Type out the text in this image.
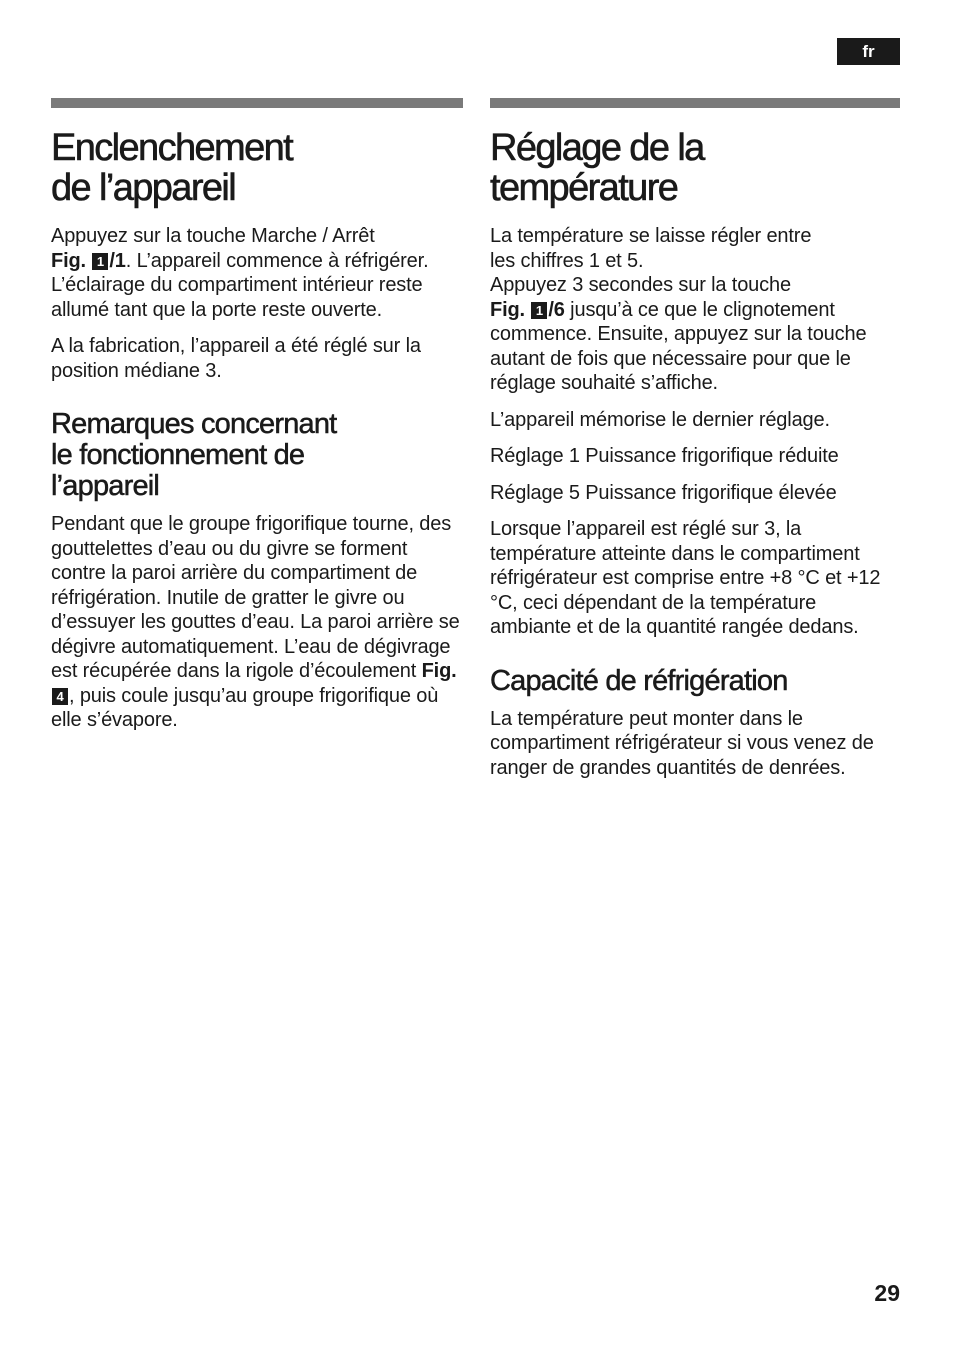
fr
Enclenchement
de l’appareil

Appuyez sur la touche Marche / Arrêt
Fig. 1 /1. L’appareil commence à réfrigérer. L’éclairage du compartiment intérieur reste allumé tant que la porte reste ouverte.

A la fabrication, l’appareil a été réglé sur la position médiane 3.

Remarques concernant
le fonctionnement de
l’appareil

Pendant que le groupe frigorifique tourne, des gouttelettes d’eau ou du givre se forment contre la paroi arrière du compartiment de réfrigération. Inutile de gratter le givre ou d’essuyer les gouttes d’eau. La paroi arrière se dégivre automatiquement. L’eau de dégivrage est récupérée dans la rigole d’écoulement Fig. 4 , puis coule jusqu’au groupe frigorifique où elle s’évapore.

Réglage de la
température

La température se laisse régler entre
les chiffres 1 et 5.
Appuyez 3 secondes sur la touche
Fig. 1 /6 jusqu’à ce que le clignotement commence. Ensuite, appuyez sur la touche autant de fois que nécessaire pour que le réglage souhaité s’affiche.

L’appareil mémorise le dernier réglage.

Réglage 1 Puissance frigorifique réduite

Réglage 5 Puissance frigorifique élevée

Lorsque l’appareil est réglé sur 3, la température atteinte dans le compartiment réfrigérateur est comprise entre +8 °C et +12 °C, ceci dépendant de la température ambiante et de la quantité rangée dedans.

Capacité de réfrigération

La température peut monter dans le compartiment réfrigérateur si vous venez de ranger de grandes quantités de denrées.

29
